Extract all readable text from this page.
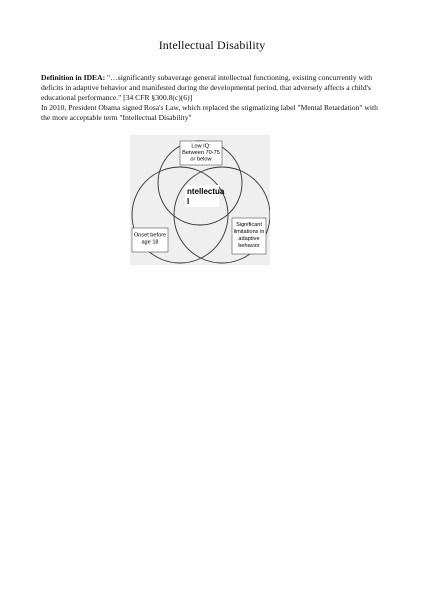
Intellectual Disability
Definition in IDEA: "…significantly subaverage general intellectual functioning, existing concurrently with deficits in adaptive behavior and manifested during the developmental period, that adversely affects a child's educational performance." [34 CFR §300.8(c)(6)]
In 2010, President Obama signed Rosa's Law, which replaced the stigmatizing label "Mental Retardation" with the more acceptable term "Intellectual Disability"
Low IQ:
Between 70-75
or below
ntellectua
l
Onset before
age 18
Significant
limitations in
adaptive
behavior
